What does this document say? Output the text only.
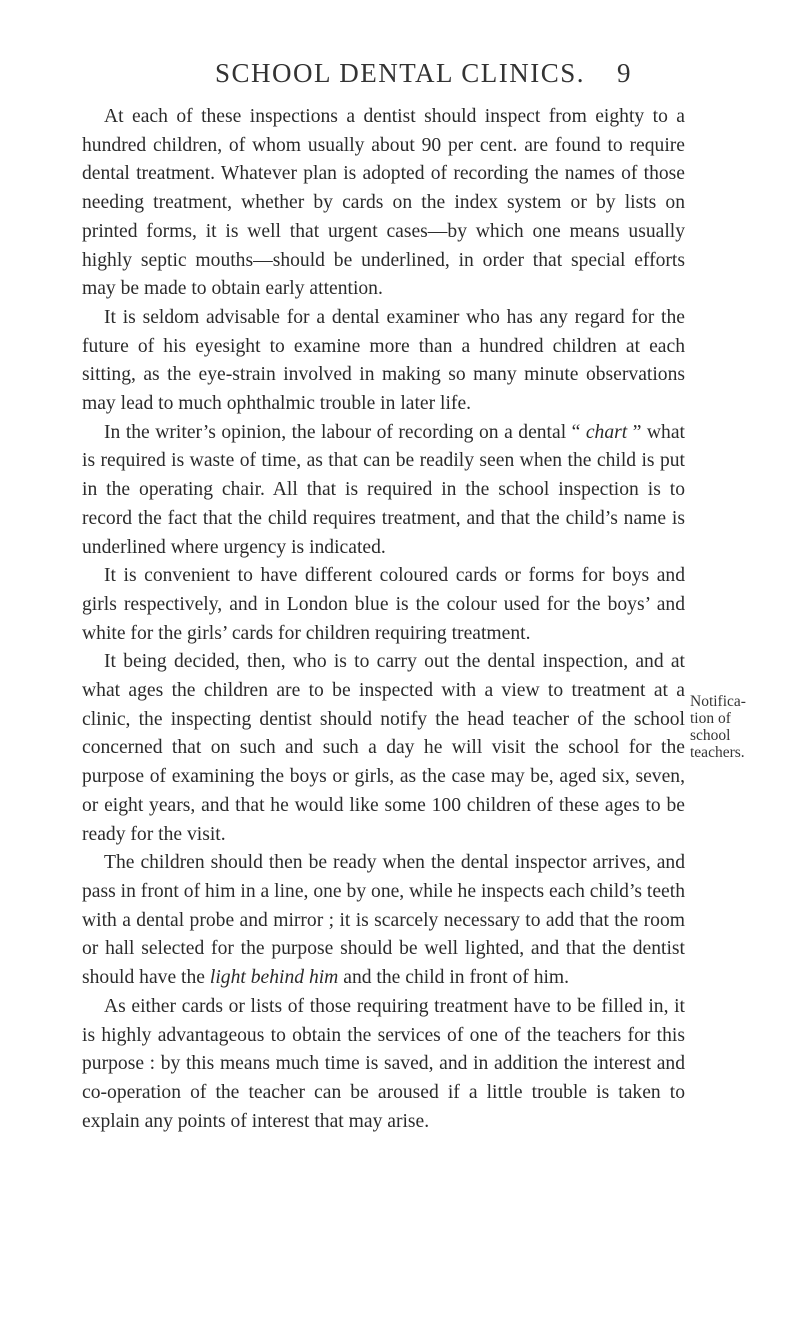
SCHOOL DENTAL CLINICS.	9

At each of these inspections a dentist should inspect from eighty to a hundred children, of whom usually about 90 per cent. are found to require dental treatment. Whatever plan is adopted of recording the names of those needing treatment, whether by cards on the index system or by lists on printed forms, it is well that urgent cases—by which one means usually highly septic mouths—should be underlined, in order that special efforts may be made to obtain early attention.

It is seldom advisable for a dental examiner who has any regard for the future of his eyesight to examine more than a hundred children at each sitting, as the eye-strain involved in making so many minute observations may lead to much ophthalmic trouble in later life.

In the writer’s opinion, the labour of recording on a dental “ chart ” what is required is waste of time, as that can be readily seen when the child is put in the operating chair. All that is required in the school inspection is to record the fact that the child requires treatment, and that the child’s name is underlined where urgency is indicated.

It is convenient to have different coloured cards or forms for boys and girls respectively, and in London blue is the colour used for the boys’ and white for the girls’ cards for children requiring treatment.

It being decided, then, who is to carry out the dental inspection, and at what ages the children are to be inspected with a view to treatment at a clinic, the inspecting dentist should notify the head teacher of the school concerned that on such and such a day he will visit the school for the purpose of examining the boys or girls, as the case may be, aged six, seven, or eight years, and that he would like some 100 children of these ages to be ready for the visit.

The children should then be ready when the dental inspector arrives, and pass in front of him in a line, one by one, while he inspects each child’s teeth with a dental probe and mirror ; it is scarcely necessary to add that the room or hall selected for the purpose should be well lighted, and that the dentist should have the light behind him and the child in front of him.

As either cards or lists of those requiring treatment have to be filled in, it is highly advantageous to obtain the services of one of the teachers for this purpose : by this means much time is saved, and in addition the interest and co-operation of the teacher can be aroused if a little trouble is taken to explain any points of interest that may arise.

Notifica-
tion of
school
teachers.
